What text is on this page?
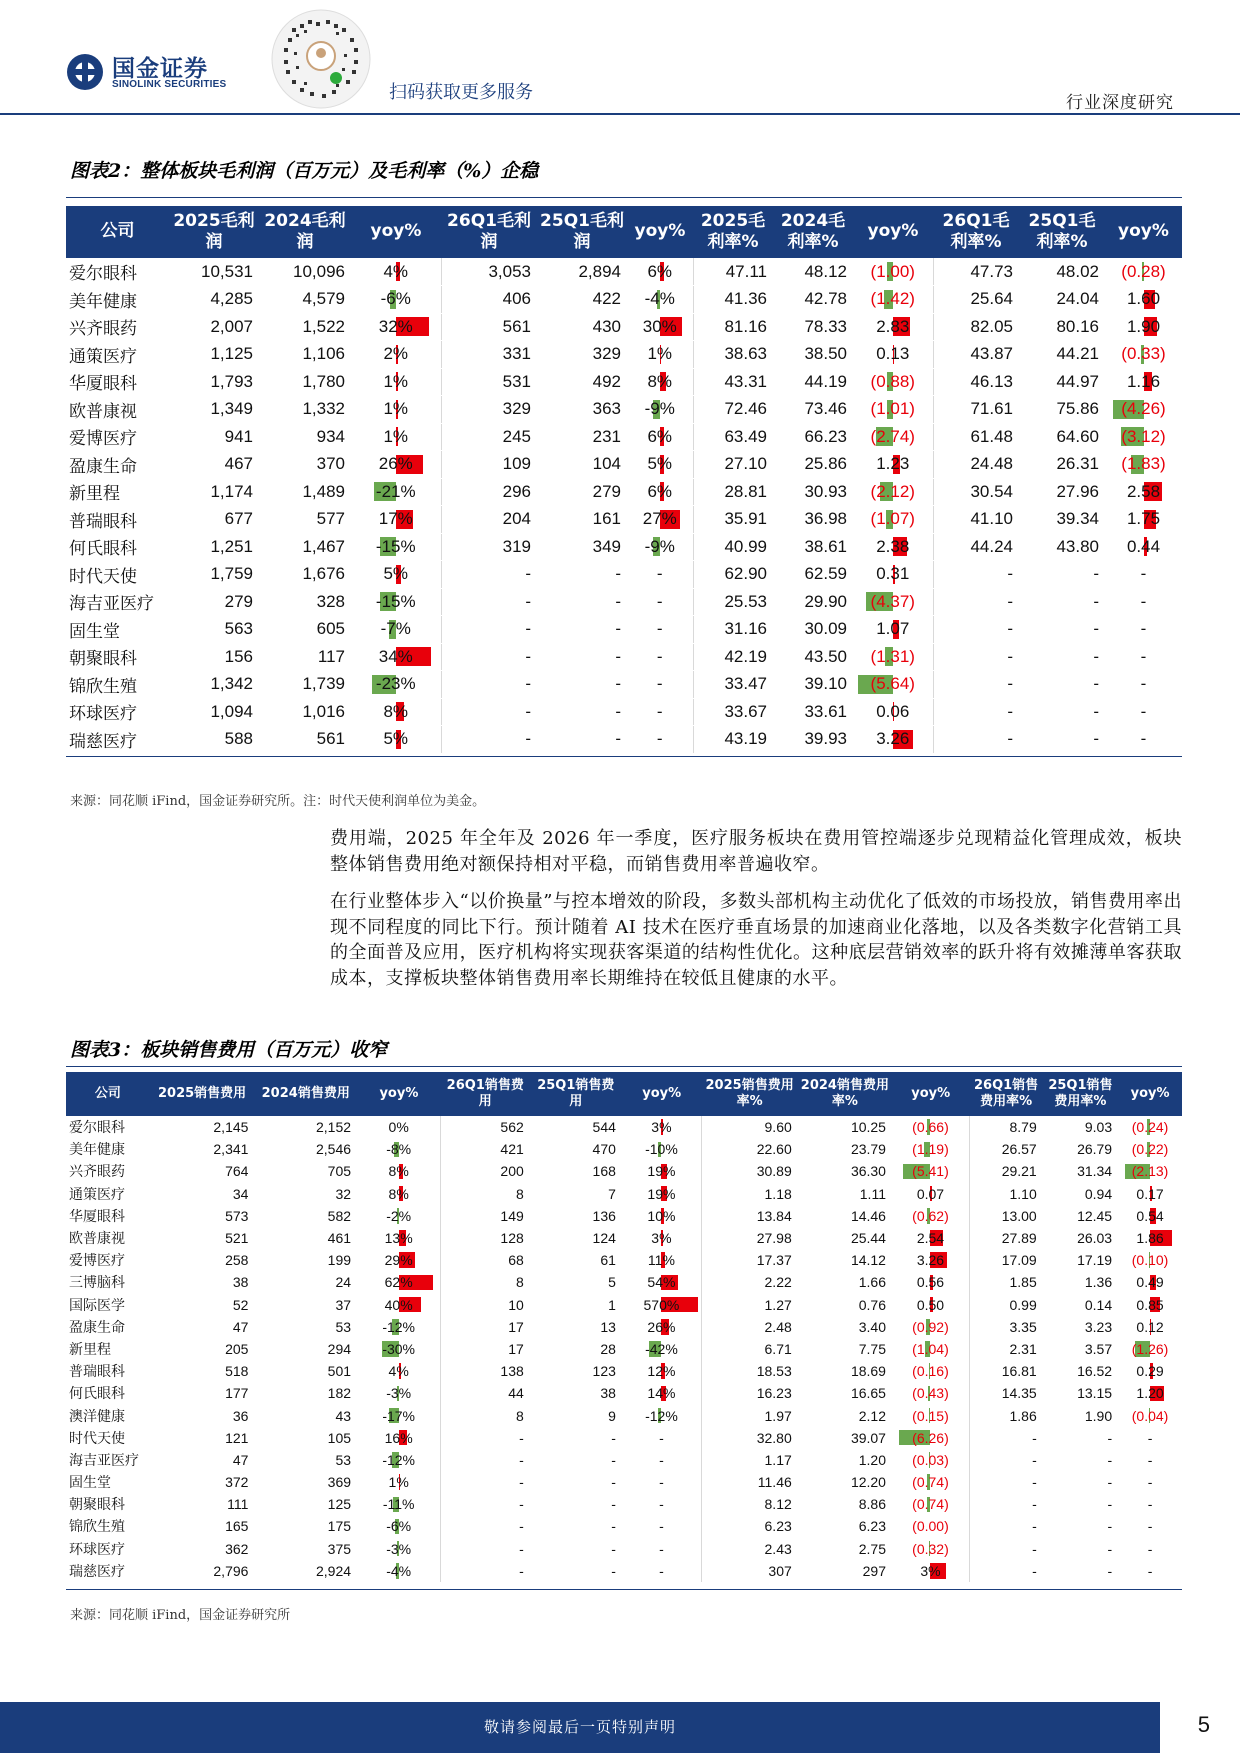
国金证券
SINOLINK SECURITIES	扫码获取更多服务	行业深度研究
图表2：整体板块毛利润（百万元）及毛利率（%）企稳
公司	2025毛利润	2024毛利润	yoy%	26Q1毛利润	25Q1毛利润	yoy%	2025毛利率%	2024毛利率%	yoy%	26Q1毛利率%	25Q1毛利率%	yoy%
爱尔眼科	10,531	10,096	4%	3,053	2,894	6%	47.11	48.12	(1.00)	47.73	48.02	(0.28)
美年健康	4,285	4,579	-6%	406	422	-4%	41.36	42.78	(1.42)	25.64	24.04	1.60
兴齐眼药	2,007	1,522	32%	561	430	30%	81.16	78.33	2.83	82.05	80.16	1.90
通策医疗	1,125	1,106	2%	331	329	1%	38.63	38.50	0.13	43.87	44.21	(0.33)
华厦眼科	1,793	1,780	1%	531	492	8%	43.31	44.19	(0.88)	46.13	44.97	1.16
欧普康视	1,349	1,332	1%	329	363	-9%	72.46	73.46	(1.01)	71.61	75.86	(4.26)
爱博医疗	941	934	1%	245	231	6%	63.49	66.23	(2.74)	61.48	64.60	(3.12)
盈康生命	467	370	26%	109	104	5%	27.10	25.86	1.23	24.48	26.31	(1.83)
新里程	1,174	1,489	-21%	296	279	6%	28.81	30.93	(2.12)	30.54	27.96	2.58
普瑞眼科	677	577	17%	204	161	27%	35.91	36.98	(1.07)	41.10	39.34	1.75
何氏眼科	1,251	1,467	-15%	319	349	-9%	40.99	38.61	2.38	44.24	43.80	0.44
时代天使	1,759	1,676	5%	-	-	-	62.90	62.59	0.31	-	-	-
海吉亚医疗	279	328	-15%	-	-	-	25.53	29.90	(4.37)	-	-	-
固生堂	563	605	-7%	-	-	-	31.16	30.09	1.07	-	-	-
朝聚眼科	156	117	34%	-	-	-	42.19	43.50	(1.31)	-	-	-
锦欣生殖	1,342	1,739	-23%	-	-	-	33.47	39.10	(5.64)	-	-	-
环球医疗	1,094	1,016	8%	-	-	-	33.67	33.61	0.06	-	-	-
瑞慈医疗	588	561	5%	-	-	-	43.19	39.93	3.26	-	-	-
来源：同花顺 iFind，国金证券研究所。注：时代天使利润单位为美金。
费用端，2025 年全年及 2026 年一季度，医疗服务板块在费用管控端逐步兑现精益化管理成效，板块整体销售费用绝对额保持相对平稳，而销售费用率普遍收窄。
在行业整体步入“以价换量”与控本增效的阶段，多数头部机构主动优化了低效的市场投放，销售费用率出现不同程度的同比下行。预计随着 AI 技术在医疗垂直场景的加速商业化落地，以及各类数字化营销工具的全面普及应用，医疗机构将实现获客渠道的结构性优化。这种底层营销效率的跃升将有效摊薄单客获取成本，支撑板块整体销售费用率长期维持在较低且健康的水平。
图表3：板块销售费用（百万元）收窄
公司	2025销售费用	2024销售费用	yoy%	26Q1销售费用	25Q1销售费用	yoy%	2025销售费用率%	2024销售费用率%	yoy%	26Q1销售费用率%	25Q1销售费用率%	yoy%
爱尔眼科	2,145	2,152	0%	562	544	3%	9.60	10.25	(0.66)	8.79	9.03	(0.24)
美年健康	2,341	2,546	-8%	421	470	-10%	22.60	23.79	(1.19)	26.57	26.79	(0.22)
兴齐眼药	764	705	8%	200	168	19%	30.89	36.30	(5.41)	29.21	31.34	(2.13)
通策医疗	34	32	8%	8	7	19%	1.18	1.11	0.07	1.10	0.94	0.17
华厦眼科	573	582	-2%	149	136	10%	13.84	14.46	(0.62)	13.00	12.45	0.54
欧普康视	521	461	13%	128	124	3%	27.98	25.44	2.54	27.89	26.03	1.86
爱博医疗	258	199	29%	68	61	11%	17.37	14.12	3.26	17.09	17.19	(0.10)
三博脑科	38	24	62%	8	5	54%	2.22	1.66	0.56	1.85	1.36	0.49
国际医学	52	37	40%	10	1	570%	1.27	0.76	0.50	0.99	0.14	0.85
盈康生命	47	53	-12%	17	13	26%	2.48	3.40	(0.92)	3.35	3.23	0.12
新里程	205	294	-30%	17	28	-42%	6.71	7.75	(1.04)	2.31	3.57	(1.26)
普瑞眼科	518	501	4%	138	123	12%	18.53	18.69	(0.16)	16.81	16.52	0.29
何氏眼科	177	182	-3%	44	38	14%	16.23	16.65	(0.43)	14.35	13.15	1.20
澳洋健康	36	43	-17%	8	9	-12%	1.97	2.12	(0.15)	1.86	1.90	(0.04)
时代天使	121	105	16%	-	-	-	32.80	39.07	(6.26)	-	-	-
海吉亚医疗	47	53	-12%	-	-	-	1.17	1.20	(0.03)	-	-	-
固生堂	372	369	1%	-	-	-	11.46	12.20	(0.74)	-	-	-
朝聚眼科	111	125	-11%	-	-	-	8.12	8.86	(0.74)	-	-	-
锦欣生殖	165	175	-6%	-	-	-	6.23	6.23	(0.00)	-	-	-
环球医疗	362	375	-3%	-	-	-	2.43	2.75	(0.32)	-	-	-
瑞慈医疗	2,796	2,924	-4%	-	-	-	307	297	3%	-	-	-
来源：同花顺 iFind，国金证券研究所
敬请参阅最后一页特别声明	5
